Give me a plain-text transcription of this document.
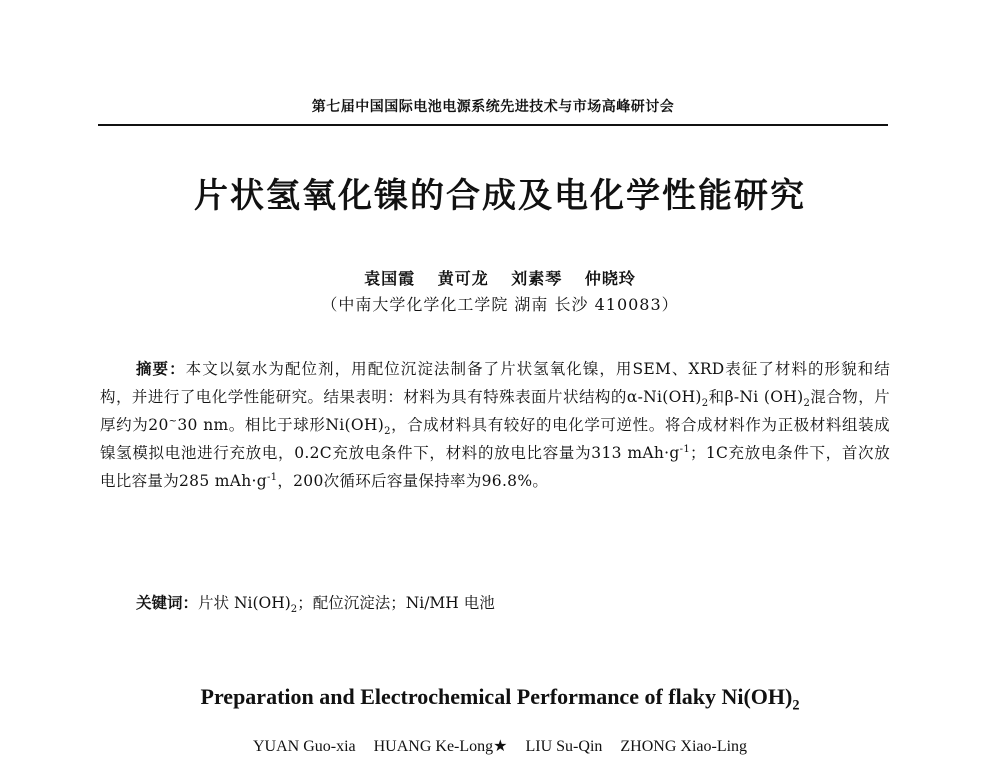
第七届中国国际电池电源系统先进技术与市场高峰研讨会
片状氢氧化镍的合成及电化学性能研究
袁国霞 黄可龙 刘素琴 仲晓玲
（中南大学化学化工学院 湖南 长沙 410083）

摘要：本文以氨水为配位剂，用配位沉淀法制备了片状氢氧化镍，用SEM、XRD表征了材料的形貌和结构，并进行了电化学性能研究。结果表明：材料为具有特殊表面片状结构的$\alpha-Ni(OH)_2$和β-Ni $(OH)_2$混合物，片厚约为20~30 nm。相比于球形$Ni(OH)_2$，合成材料具有较好的电化学可逆性。将合成材料作为正极材料组装成镍氢模拟电池进行充放电，0.2C充放电条件下，材料的放电比容量为313 $mAh\cdot g^{-1}$；1C充放电条件下，首次放电比容量为285 $mAh\cdot g^{-1}$，200次循环后容量保持率为96.8%。

关键词：片状 $Ni(OH)_2$；配位沉淀法；Ni/MH 电池
Preparation and Electrochemical Performance of flaky $Ni(OH)_2$
YUAN Guo-xia HUANG Ke-Long★ LIU Su-Qin ZHONG Xiao-Ling
